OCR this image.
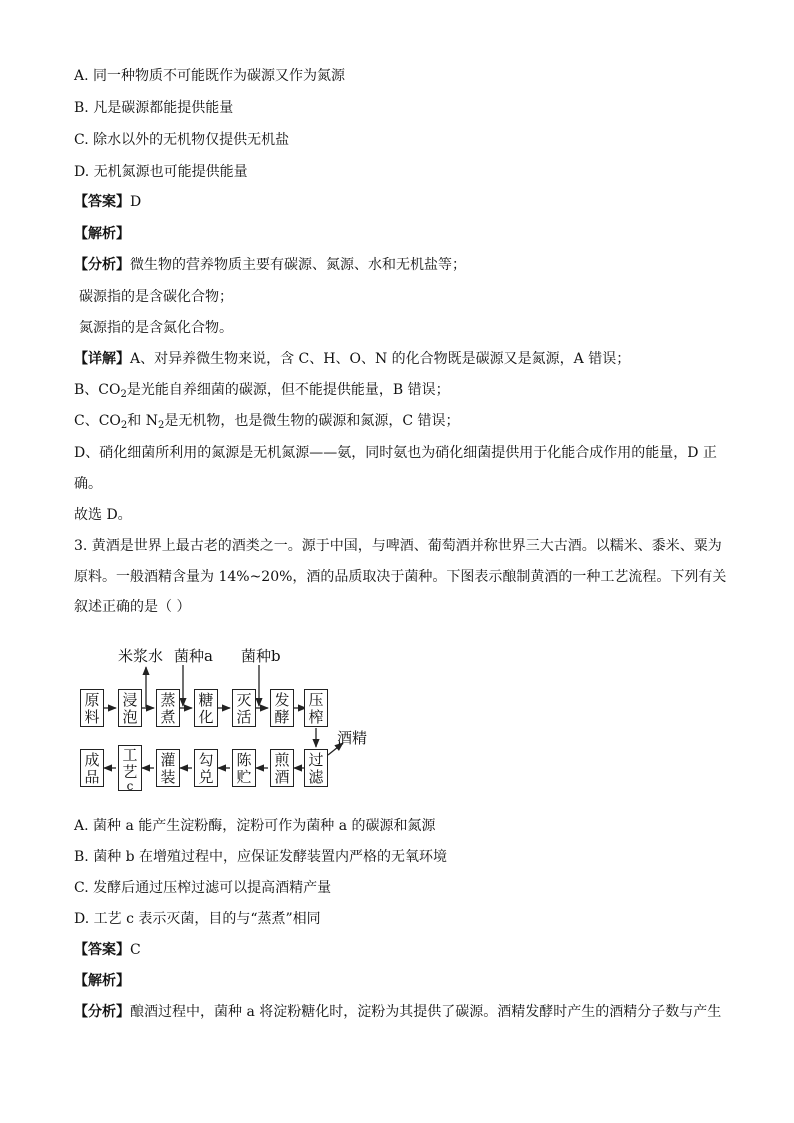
A. 同一种物质不可能既作为碳源又作为氮源
B. 凡是碳源都能提供能量
C. 除水以外的无机物仅提供无机盐
D. 无机氮源也可能提供能量
【答案】D
【解析】
【分析】微生物的营养物质主要有碳源、氮源、水和无机盐等；
碳源指的是含碳化合物；
氮源指的是含氮化合物。
【详解】A、对异养微生物来说，含 C、H、O、N 的化合物既是碳源又是氮源，A 错误；
B、$CO_2$是光能自养细菌的碳源，但不能提供能量，B 错误；
C、$CO_2$和 $N_2$是无机物，也是微生物的碳源和氮源，C 错误；
D、硝化细菌所利用的氮源是无机氮源——氨，同时氨也为硝化细菌提供用于化能合成作用的能量，D 正
确。
故选 D。
3. 黄酒是世界上最古老的酒类之一。源于中国，与啤酒、葡萄酒并称世界三大古酒。以糯米、黍米、粟为
原料。一般酒精含量为 14%~20%，酒的品质取决于菌种。下图表示酿制黄酒的一种工艺流程。下列有关
叙述正确的是（ ）
米浆水 菌种a 菌种b
酒精
原
料
浸
泡
蒸
煮
糖
化
灭
活
发
酵
压
榨
成
品
工
艺
c
灌
装
勾
兑
陈
贮
煎
酒
过
滤
A. 菌种 a 能产生淀粉酶，淀粉可作为菌种 a 的碳源和氮源
B. 菌种 b 在增殖过程中，应保证发酵装置内严格的无氧环境
C. 发酵后通过压榨过滤可以提高酒精产量
D. 工艺 c 表示灭菌，目的与“蒸煮”相同
【答案】C
【解析】
【分析】酿酒过程中，菌种 a 将淀粉糖化时，淀粉为其提供了碳源。酒精发酵时产生的酒精分子数与产生
